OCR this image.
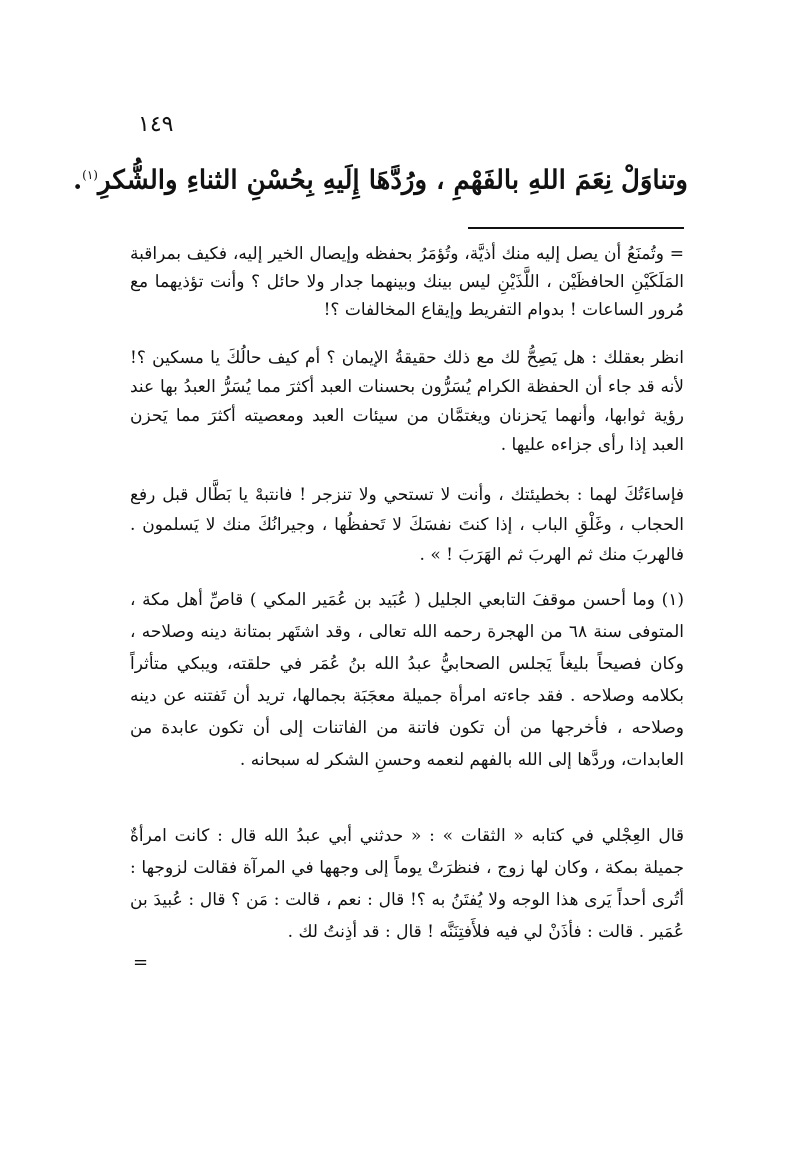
١٤٩
وتناوَلْ نِعَمَ اللهِ بالفَهْمِ ، ورُدَّهَا إِلَيهِ بِحُسْنِ الثناءِ والشُّكرِ$^{(١)}$.

= وتُمنَعُ أن يصل إليه منك أذيَّة، وتُؤمَرُ بحفظه وإيصال الخير إليه، فكيف بمراقبة المَلَكَيْنِ الحافظَيْن ، اللَّذَيْنِ ليس بينك وبينهما جدار ولا حائل ؟ وأنت تؤذيهما مع مُرور الساعات ! بدوام التفريط وإيقاع المخالفات ؟!

انظر بعقلك : هل يَصِحُّ لك مع ذلك حقيقةُ الإيمان ؟ أم كيف حالُكَ يا مسكين ؟! لأنه قد جاء أن الحفظة الكرام يُسَرُّون بحسنات العبد أكثرَ مما يُسَرُّ العبدُ بها عند رؤية ثوابها، وأنهما يَحزنان ويغتمَّان من سيئات العبد ومعصيته أكثرَ مما يَحزن العبد إذا رأى جزاءه عليها .

فإساءَتُكَ لهما : بخطيئتك ، وأنت لا تستحي ولا تنزجر ! فانتبهْ يا بَطَّال قبل رفع الحجاب ، وغَلْقِ الباب ، إذا كنتَ نفسَكَ لا تَحفظُها ، وجيرانُكَ منك لا يَسلمون . فالهربَ منك ثم الهربَ ثم الهَرَبَ ! » .

(١) وما أحسن موقفَ التابعي الجليل ( عُبَيد بن عُمَير المكي ) قاصِّ أهل مكة ، المتوفى سنة ٦٨ من الهجرة رحمه الله تعالى ، وقد اشتَهر بمتانة دينه وصلاحه ، وكان فصيحاً بليغاً يَجلس الصحابيُّ عبدُ الله بنُ عُمَر في حلقته، ويبكي متأثراً بكلامه وصلاحه . فقد جاءته امرأة جميلة معجَبَة بجمالها، تريد أن تَفتنه عن دينه وصلاحه ، فأخرجها من أن تكون فاتنة من الفاتنات إلى أن تكون عابدة من العابدات، وردَّها إلى الله بالفهم لنعمه وحسنِ الشكر له سبحانه .

قال العِجْلي في كتابه « الثقات » : « حدثني أبي عبدُ الله قال : كانت امرأةٌ جميلة بمكة ، وكان لها زوج ، فنظرَتْ يوماً إلى وجهها في المرآة فقالت لزوجها : أتُرى أحداً يَرى هذا الوجه ولا يُفتَنُ به ؟! قال : نعم ، قالت : مَن ؟ قال : عُبيدَ بن عُمَير . قالت : فأذَنْ لي فيه فلأَفتِنَنَّه ! قال : قد أذِنتُ لك .

=
